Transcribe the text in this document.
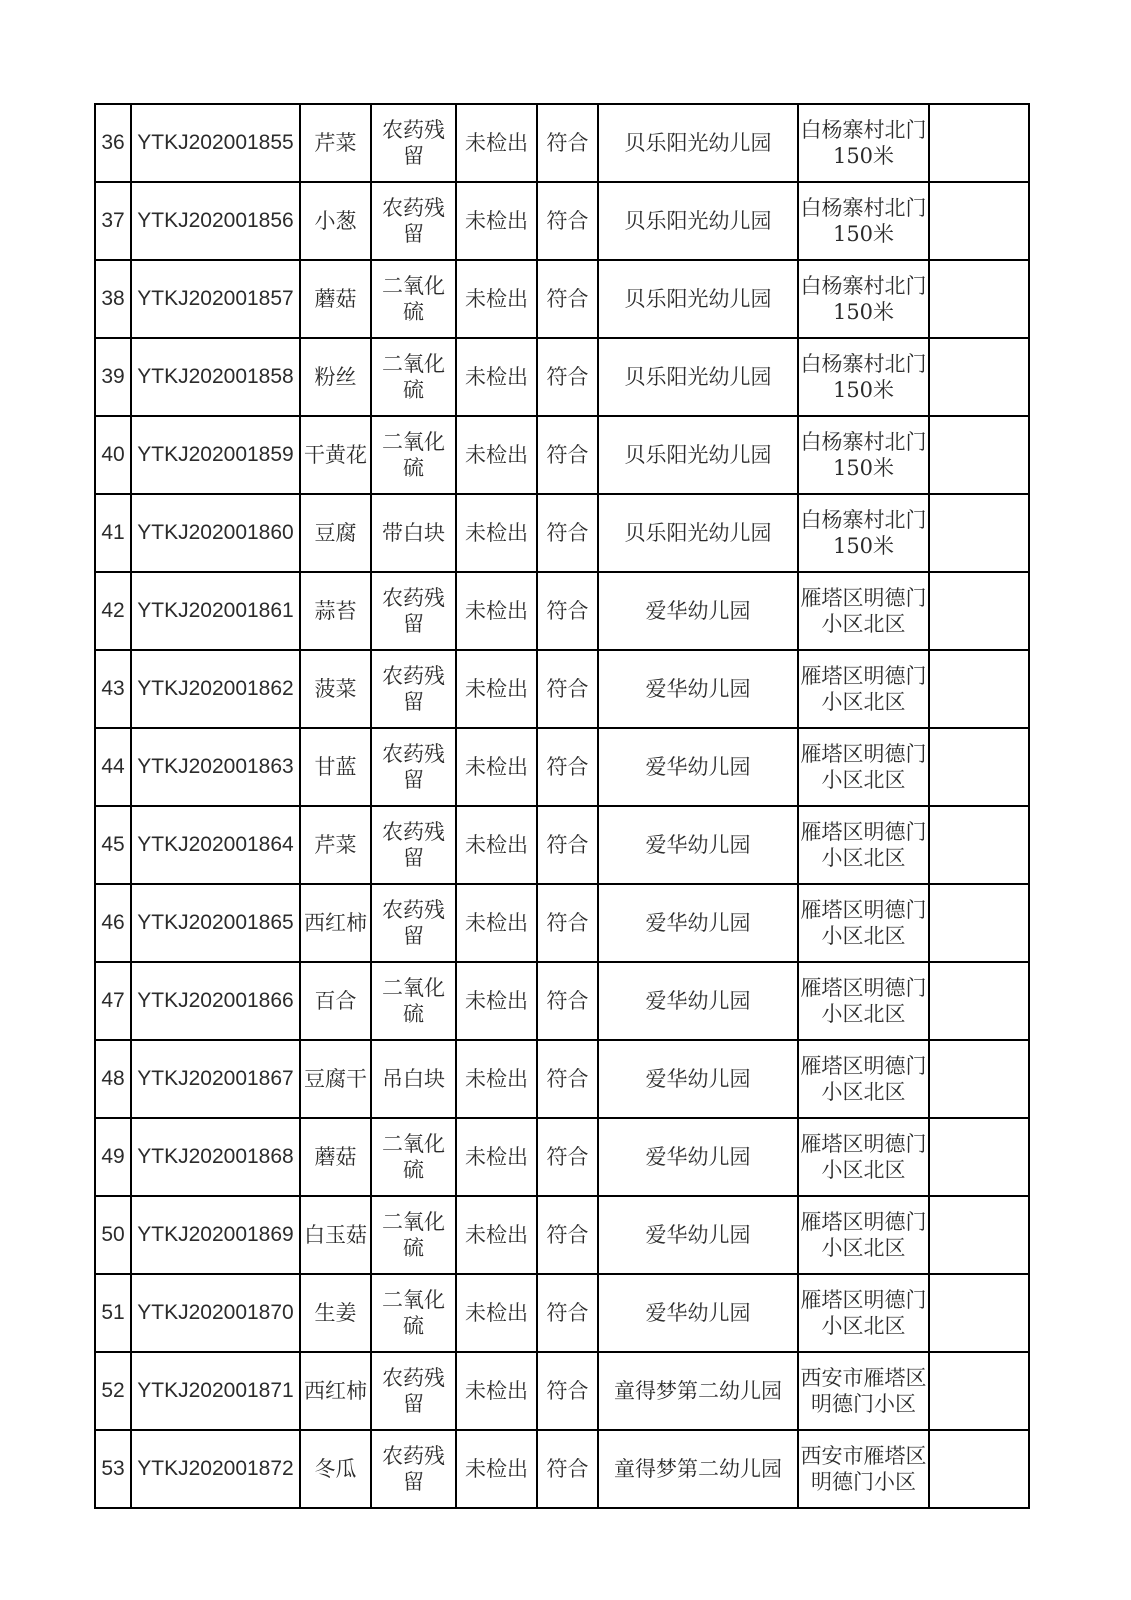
36	YTKJ202001855	芹菜	农药残留	未检出	符合	贝乐阳光幼儿园	白杨寨村北门150米	
37	YTKJ202001856	小葱	农药残留	未检出	符合	贝乐阳光幼儿园	白杨寨村北门150米	
38	YTKJ202001857	蘑菇	二氧化硫	未检出	符合	贝乐阳光幼儿园	白杨寨村北门150米	
39	YTKJ202001858	粉丝	二氧化硫	未检出	符合	贝乐阳光幼儿园	白杨寨村北门150米	
40	YTKJ202001859	干黄花	二氧化硫	未检出	符合	贝乐阳光幼儿园	白杨寨村北门150米	
41	YTKJ202001860	豆腐	带白块	未检出	符合	贝乐阳光幼儿园	白杨寨村北门150米	
42	YTKJ202001861	蒜苔	农药残留	未检出	符合	爱华幼儿园	雁塔区明德门小区北区	
43	YTKJ202001862	菠菜	农药残留	未检出	符合	爱华幼儿园	雁塔区明德门小区北区	
44	YTKJ202001863	甘蓝	农药残留	未检出	符合	爱华幼儿园	雁塔区明德门小区北区	
45	YTKJ202001864	芹菜	农药残留	未检出	符合	爱华幼儿园	雁塔区明德门小区北区	
46	YTKJ202001865	西红柿	农药残留	未检出	符合	爱华幼儿园	雁塔区明德门小区北区	
47	YTKJ202001866	百合	二氧化硫	未检出	符合	爱华幼儿园	雁塔区明德门小区北区	
48	YTKJ202001867	豆腐干	吊白块	未检出	符合	爱华幼儿园	雁塔区明德门小区北区	
49	YTKJ202001868	蘑菇	二氧化硫	未检出	符合	爱华幼儿园	雁塔区明德门小区北区	
50	YTKJ202001869	白玉菇	二氧化硫	未检出	符合	爱华幼儿园	雁塔区明德门小区北区	
51	YTKJ202001870	生姜	二氧化硫	未检出	符合	爱华幼儿园	雁塔区明德门小区北区	
52	YTKJ202001871	西红柿	农药残留	未检出	符合	童得梦第二幼儿园	西安市雁塔区明德门小区	
53	YTKJ202001872	冬瓜	农药残留	未检出	符合	童得梦第二幼儿园	西安市雁塔区明德门小区	
